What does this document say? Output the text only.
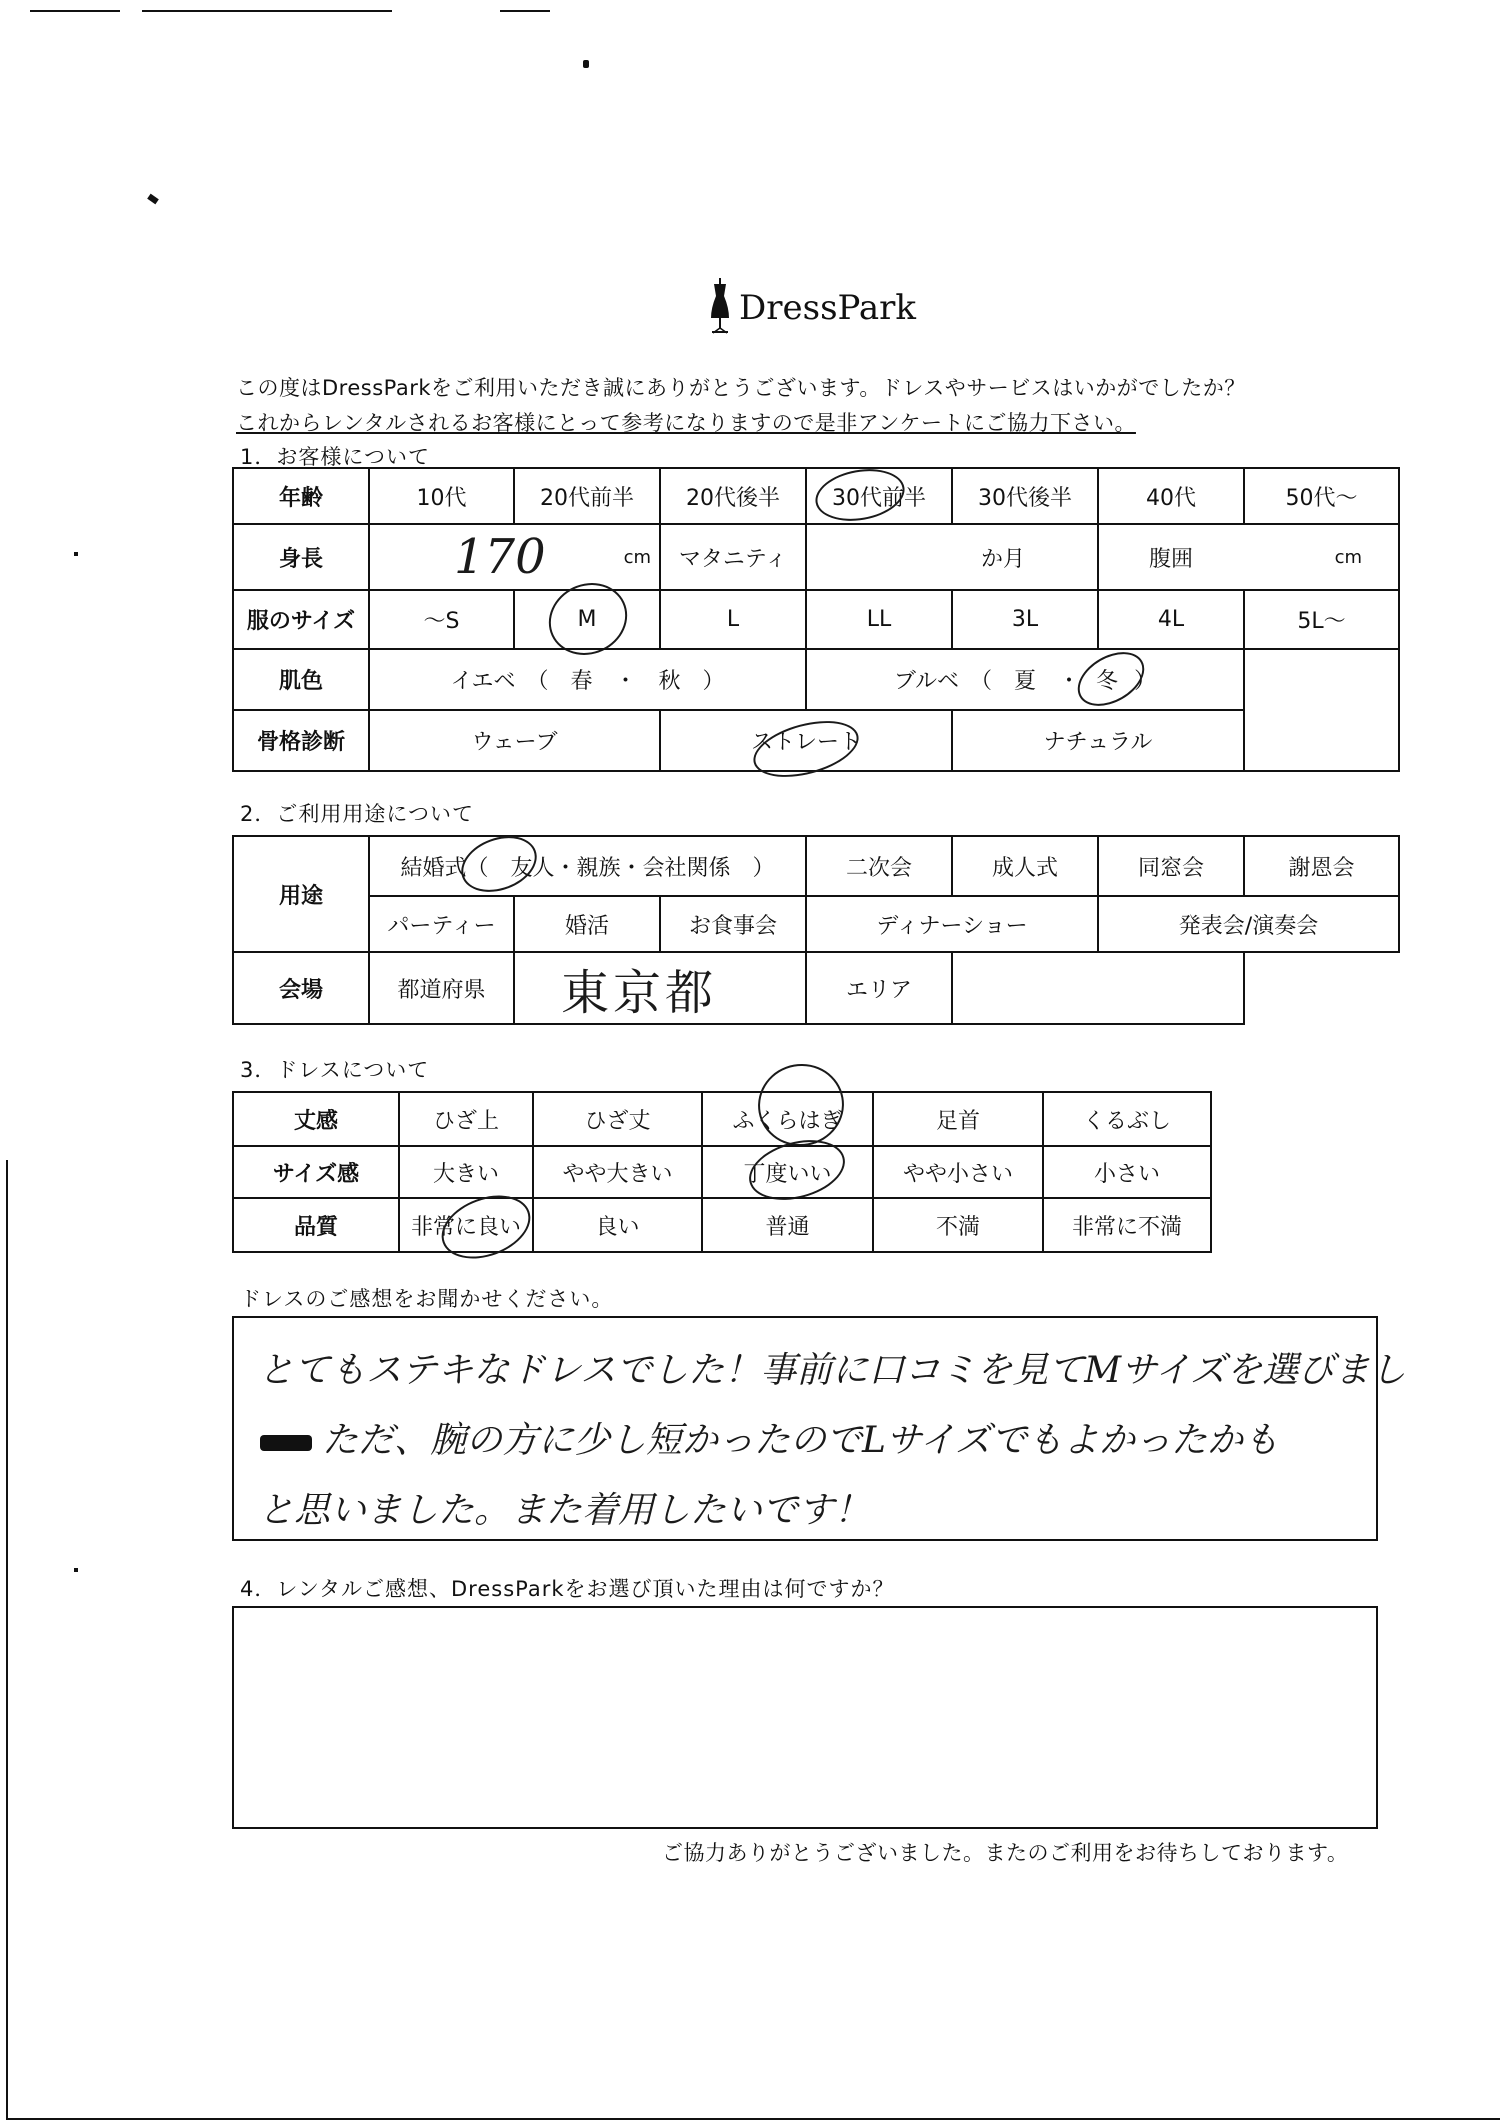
DressPark
この度はDressParkをご利用いただき誠にありがとうございます。ドレスやサービスはいかがでしたか？
これからレンタルされるお客様にとって参考になりますので是非アンケートにご協力下さい。
1．お客様について
年齢	10代	20代前半	20代後半	30代前半	30代後半	40代	50代～
身長	170	cm	マタニティ	か月	腹囲	cm
服のサイズ	～S	M	L	LL	3L	4L	5L～
肌色	イエベ　（　春　・　秋　）	ブルベ　（　夏　・ 冬 ）
骨格診断	ウェーブ	ストレート	ナチュラル
2．ご利用用途について
用途
結婚式（　友人・親族・会社関係　）	二次会	成人式	同窓会	謝恩会
パーティー	婚活	お食事会	ディナーショー	発表会/演奏会
会場	都道府県	東京都	エリア
3．ドレスについて
丈感	ひざ上	ひざ丈	ふくらはぎ	足首	くるぶし
サイズ感	大きい	やや大きい	丁度いい	やや小さい	小さい
品質	非常に良い	良い	普通	不満	非常に不満
ドレスのご感想をお聞かせください。
とてもステキなドレスでした！事前に口コミを見てMサイズを選びまし
ただ、腕の方に少し短かったのでLサイズでもよかったかも
と思いました。また着用したいです！
4．レンタルご感想、DressParkをお選び頂いた理由は何ですか？
ご協力ありがとうございました。またのご利用をお待ちしております。
